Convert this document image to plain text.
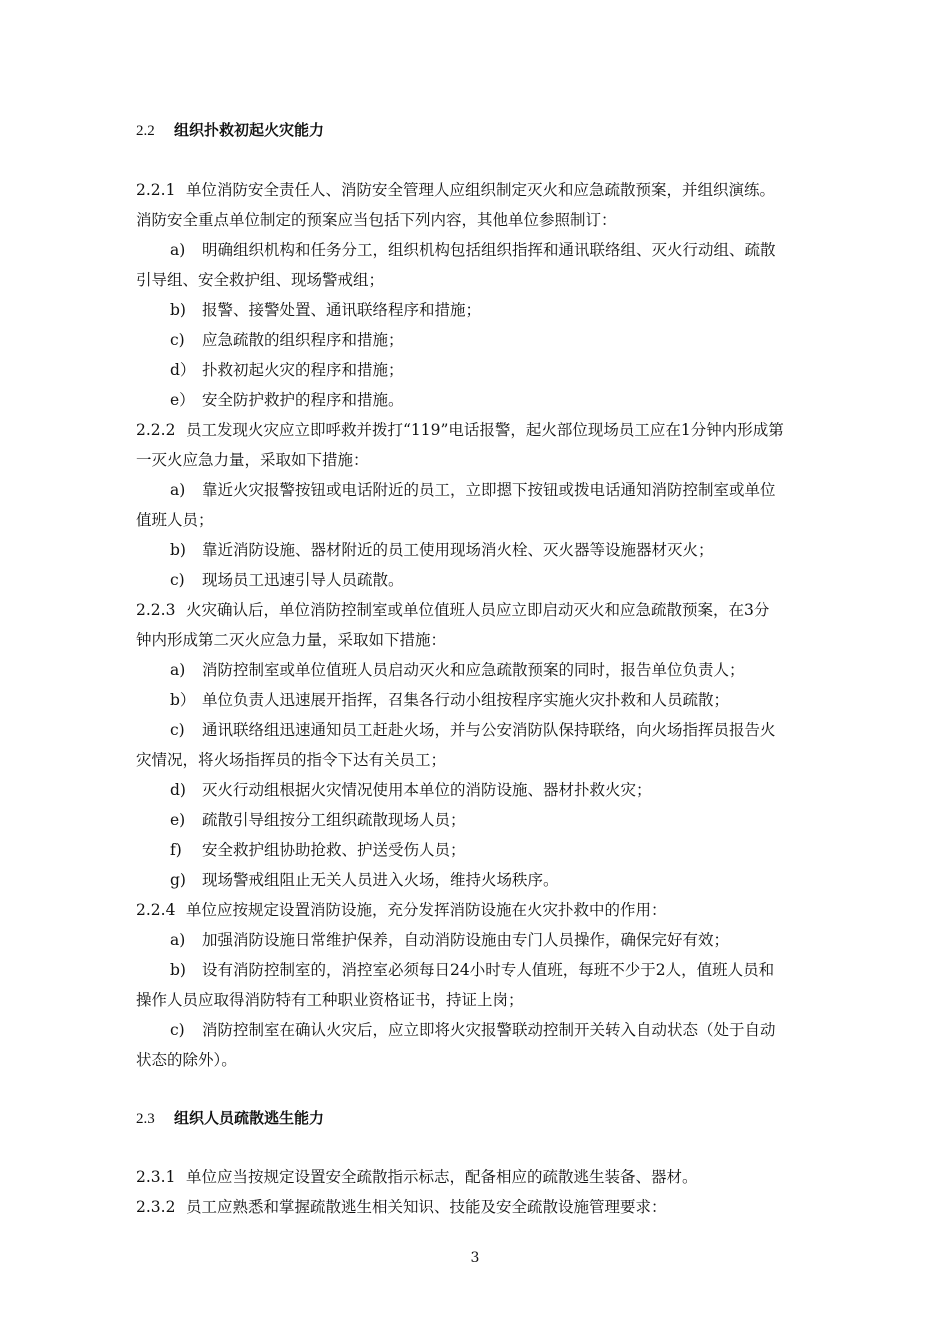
2.2 组织扑救初起火灾能力
2.2.1 单位消防安全责任人、消防安全管理人应组织制定灭火和应急疏散预案，并组织演练。
消防安全重点单位制定的预案应当包括下列内容，其他单位参照制订：
a) 明确组织机构和任务分工，组织机构包括组织指挥和通讯联络组、灭火行动组、疏散
引导组、安全救护组、现场警戒组；
b) 报警、接警处置、通讯联络程序和措施；
c) 应急疏散的组织程序和措施；
d） 扑救初起火灾的程序和措施；
e） 安全防护救护的程序和措施。
2.2.2 员工发现火灾应立即呼救并拨打“119”电话报警，起火部位现场员工应在1分钟内形成第
一灭火应急力量，采取如下措施：
a) 靠近火灾报警按钮或电话附近的员工，立即摁下按钮或拨电话通知消防控制室或单位
值班人员；
b) 靠近消防设施、器材附近的员工使用现场消火栓、灭火器等设施器材灭火；
c) 现场员工迅速引导人员疏散。
2.2.3 火灾确认后，单位消防控制室或单位值班人员应立即启动灭火和应急疏散预案，在3分
钟内形成第二灭火应急力量，采取如下措施：
a) 消防控制室或单位值班人员启动灭火和应急疏散预案的同时，报告单位负责人；
b） 单位负责人迅速展开指挥，召集各行动小组按程序实施火灾扑救和人员疏散；
c) 通讯联络组迅速通知员工赶赴火场，并与公安消防队保持联络，向火场指挥员报告火
灾情况，将火场指挥员的指令下达有关员工；
d) 灭火行动组根据火灾情况使用本单位的消防设施、器材扑救火灾；
e) 疏散引导组按分工组织疏散现场人员；
f) 安全救护组协助抢救、护送受伤人员；
g) 现场警戒组阻止无关人员进入火场，维持火场秩序。
2.2.4 单位应按规定设置消防设施，充分发挥消防设施在火灾扑救中的作用：
a) 加强消防设施日常维护保养，自动消防设施由专门人员操作，确保完好有效；
b) 设有消防控制室的，消控室必须每日24小时专人值班，每班不少于2人，值班人员和
操作人员应取得消防特有工种职业资格证书，持证上岗；
c) 消防控制室在确认火灾后，应立即将火灾报警联动控制开关转入自动状态（处于自动
状态的除外）。
2.3 组织人员疏散逃生能力
2.3.1 单位应当按规定设置安全疏散指示标志，配备相应的疏散逃生装备、器材。
2.3.2 员工应熟悉和掌握疏散逃生相关知识、技能及安全疏散设施管理要求：
3
